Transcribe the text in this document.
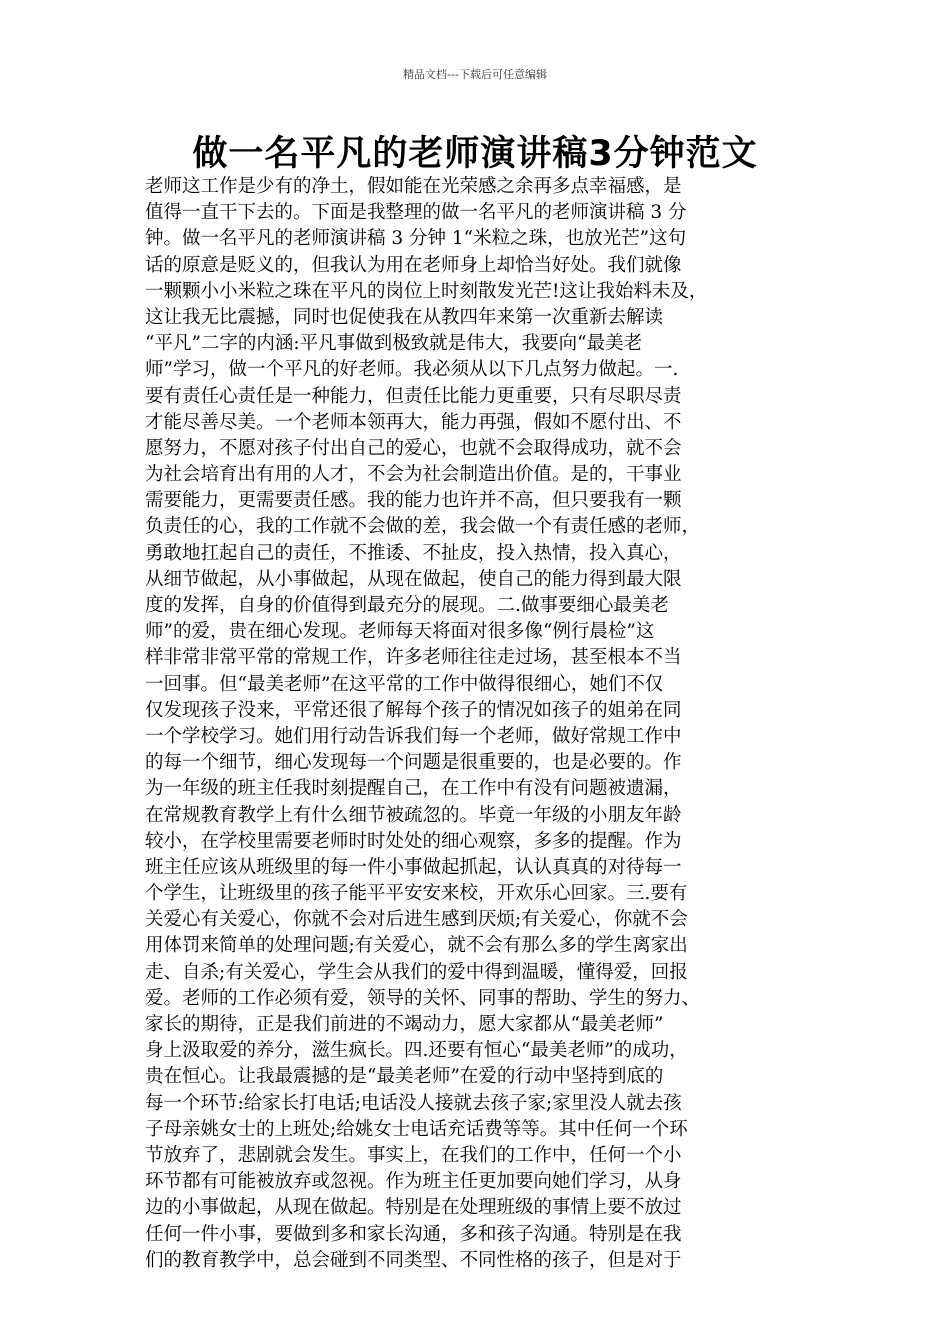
精品文档---下载后可任意编辑
做一名平凡的老师演讲稿3分钟范文
老师这工作是少有的净土，假如能在光荣感之余再多点幸福感，是
值得一直干下去的。下面是我整理的做一名平凡的老师演讲稿 3 分
钟。做一名平凡的老师演讲稿 3 分钟 1“米粒之珠，也放光芒”这句
话的原意是贬义的，但我认为用在老师身上却恰当好处。我们就像
一颗颗小小米粒之珠在平凡的岗位上时刻散发光芒!这让我始料未及，
这让我无比震撼，同时也促使我在从教四年来第一次重新去解读
“平凡”二字的内涵:平凡事做到极致就是伟大，我要向“最美老
师”学习，做一个平凡的好老师。我必须从以下几点努力做起。一.
要有责任心责任是一种能力，但责任比能力更重要，只有尽职尽责
才能尽善尽美。一个老师本领再大，能力再强，假如不愿付出、不
愿努力，不愿对孩子付出自己的爱心，也就不会取得成功，就不会
为社会培育出有用的人才，不会为社会制造出价值。是的，干事业
需要能力，更需要责任感。我的能力也许并不高，但只要我有一颗
负责任的心，我的工作就不会做的差，我会做一个有责任感的老师，
勇敢地扛起自己的责任，不推诿、不扯皮，投入热情，投入真心，
从细节做起，从小事做起，从现在做起，使自己的能力得到最大限
度的发挥，自身的价值得到最充分的展现。二.做事要细心最美老
师”的爱，贵在细心发现。老师每天将面对很多像“例行晨检”这
样非常非常平常的常规工作，许多老师往往走过场，甚至根本不当
一回事。但“最美老师”在这平常的工作中做得很细心，她们不仅
仅发现孩子没来，平常还很了解每个孩子的情况如孩子的姐弟在同
一个学校学习。她们用行动告诉我们每一个老师，做好常规工作中
的每一个细节，细心发现每一个问题是很重要的，也是必要的。作
为一年级的班主任我时刻提醒自己，在工作中有没有问题被遗漏，
在常规教育教学上有什么细节被疏忽的。毕竟一年级的小朋友年龄
较小，在学校里需要老师时时处处的细心观察，多多的提醒。作为
班主任应该从班级里的每一件小事做起抓起，认认真真的对待每一
个学生，让班级里的孩子能平平安安来校，开欢乐心回家。三.要有
关爱心有关爱心，你就不会对后进生感到厌烦;有关爱心，你就不会
用体罚来简单的处理问题;有关爱心，就不会有那么多的学生离家出
走、自杀;有关爱心，学生会从我们的爱中得到温暖，懂得爱，回报
爱。老师的工作必须有爱，领导的关怀、同事的帮助、学生的努力、
家长的期待，正是我们前进的不竭动力，愿大家都从“最美老师”
身上汲取爱的养分，滋生疯长。四.还要有恒心“最美老师”的成功，
贵在恒心。让我最震撼的是“最美老师”在爱的行动中坚持到底的
每一个环节:给家长打电话;电话没人接就去孩子家;家里没人就去孩
子母亲姚女士的上班处;给姚女士电话充话费等等。其中任何一个环
节放弃了，悲剧就会发生。事实上，在我们的工作中，任何一个小
环节都有可能被放弃或忽视。作为班主任更加要向她们学习，从身
边的小事做起，从现在做起。特别是在处理班级的事情上要不放过
任何一件小事，要做到多和家长沟通，多和孩子沟通。特别是在我
们的教育教学中，总会碰到不同类型、不同性格的孩子，但是对于
